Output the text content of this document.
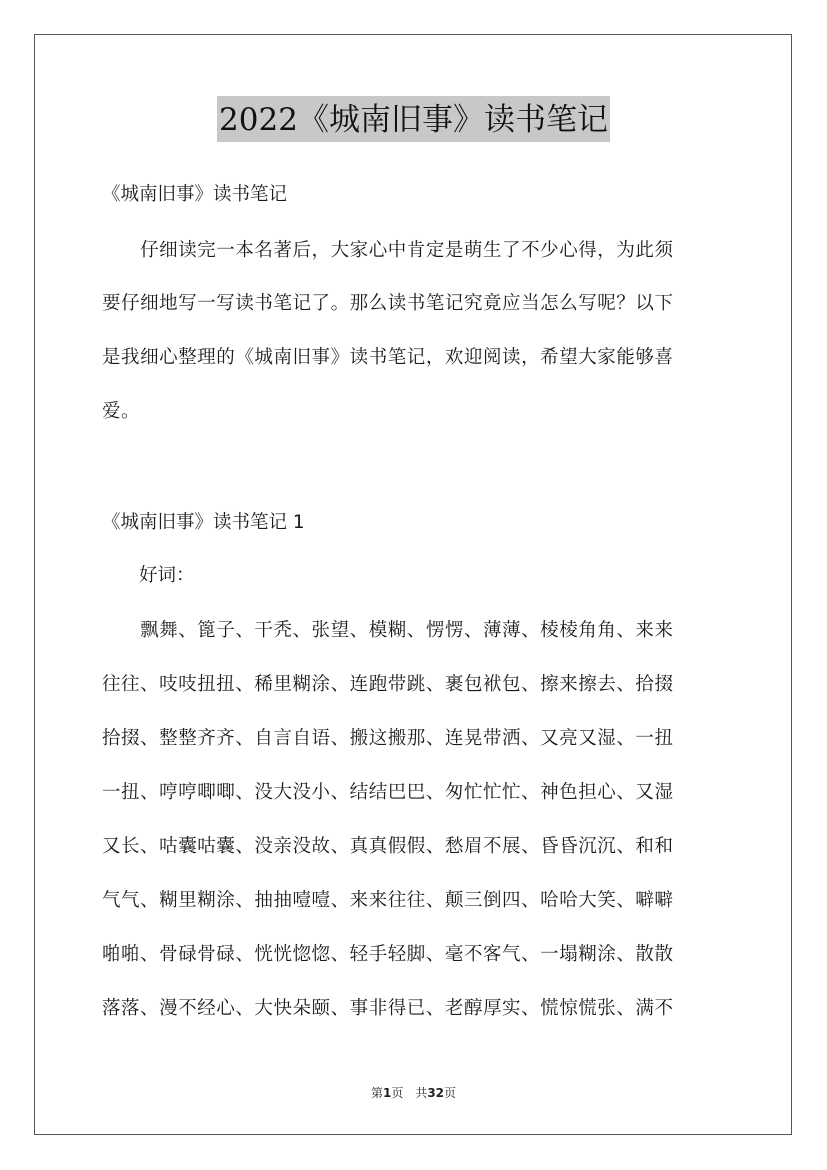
2022《城南旧事》读书笔记
《城南旧事》读书笔记
　　仔细读完一本名著后，大家心中肯定是萌生了不少心得，为此须
要仔细地写一写读书笔记了。那么读书笔记究竟应当怎么写呢？以下
是我细心整理的《城南旧事》读书笔记，欢迎阅读，希望大家能够喜
爱。
《城南旧事》读书笔记 1
　　好词：
　　飘舞、篦子、干秃、张望、模糊、愣愣、薄薄、棱棱角角、来来
往往、吱吱扭扭、稀里糊涂、连跑带跳、裹包袱包、擦来擦去、拾掇
拾掇、整整齐齐、自言自语、搬这搬那、连晃带洒、又亮又湿、一扭
一扭、哼哼唧唧、没大没小、结结巴巴、匆忙忙忙、神色担心、又湿
又长、咕囊咕囊、没亲没故、真真假假、愁眉不展、昏昏沉沉、和和
气气、糊里糊涂、抽抽噎噎、来来往往、颠三倒四、哈哈大笑、噼噼
啪啪、骨碌骨碌、恍恍惚惚、轻手轻脚、毫不客气、一塌糊涂、散散
落落、漫不经心、大快朵颐、事非得已、老醇厚实、慌惊慌张、满不
第1页　共32页
